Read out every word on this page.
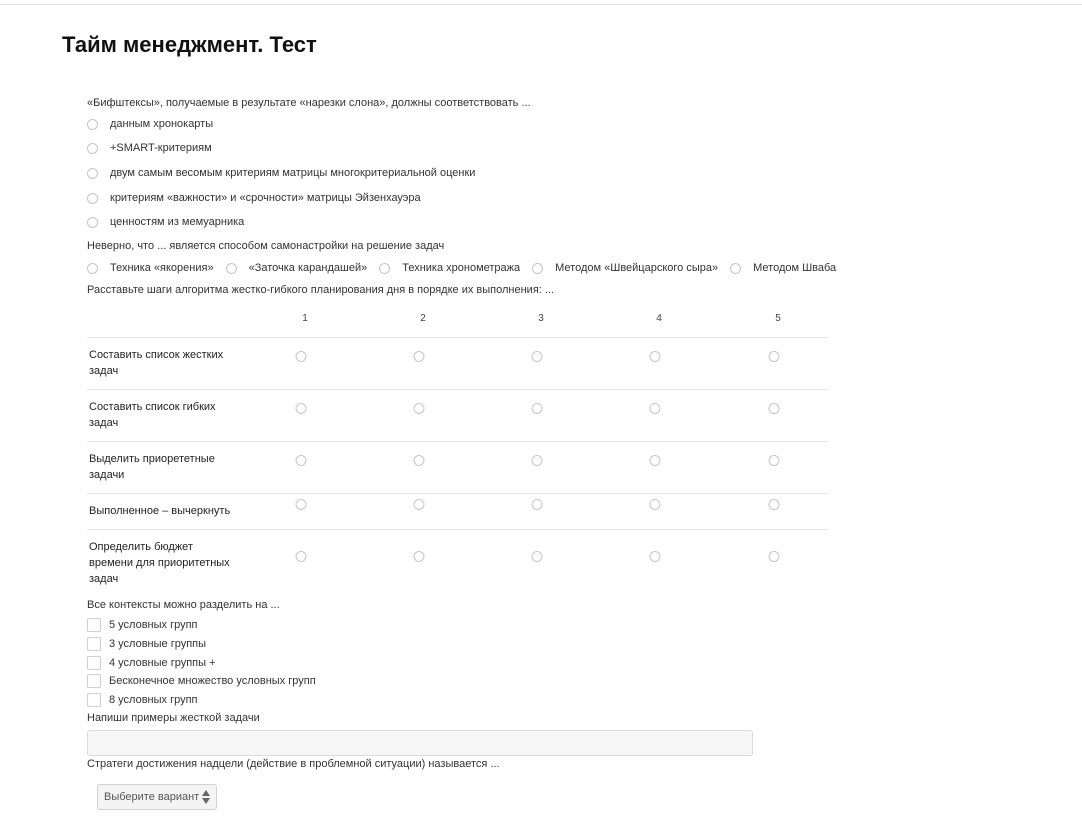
Тайм менеджмент. Тест
«Бифштексы», получаемые в результате «нарезки слона», должны соответствовать ...
данным хронокарты
+SMART-критериям
двум самым весомым критериям матрицы многокритериальной оценки
критериям «важности» и «срочности» матрицы Эйзенхауэра
ценностям из мемуарника
Неверно, что ... является способом самонастройки на решение задач
Техника «якорения»	«Заточка карандашей»	Техника хронометража	Методом «Швейцарского сыра»	Методом Шваба
Расставьте шаги алгоритма жестко-гибкого планирования дня в порядке их выполнения: ...
1	2	3	4	5
Составить список жестких задач
Составить список гибких задач
Выделить приорететные задачи
Выполненное – вычеркнуть
Определить бюджет времени для приоритетных задач
Все контексты можно разделить на ...
5 условных групп
3 условные группы
4 условные группы +
Бесконечное множество условных групп
8 условных групп
Напиши примеры жесткой задачи
Стратеги достижения надцели (действие в проблемной ситуации) называется ...
Выберите вариант
